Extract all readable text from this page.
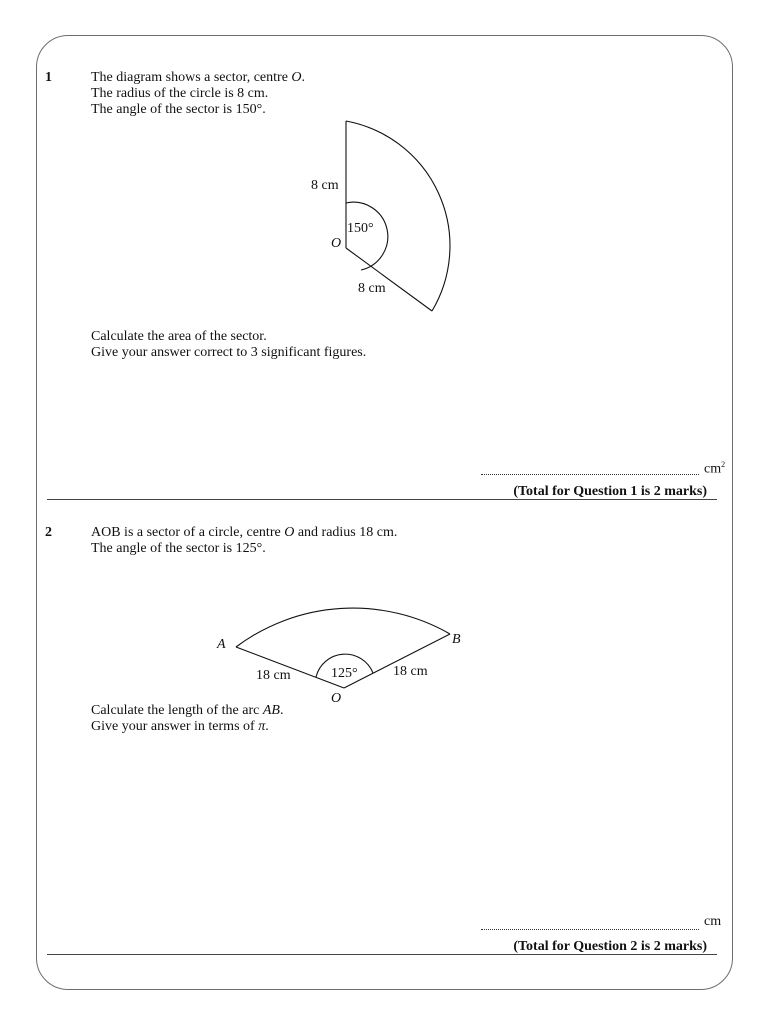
1	The diagram shows a sector, centre O.
The radius of the circle is 8 cm.
The angle of the sector is 150°.
8 cm
150°
O
8 cm
A	B
18 cm	125°	18 cm
O
Calculate the area of the sector.
Give your answer correct to 3 significant figures.
$cm^2$
(Total for Question 1 is 2 marks)
2	AOB is a sector of a circle, centre O and radius 18 cm.
The angle of the sector is 125°.
Calculate the length of the arc AB.
Give your answer in terms of π.
cm
(Total for Question 2 is 2 marks)
